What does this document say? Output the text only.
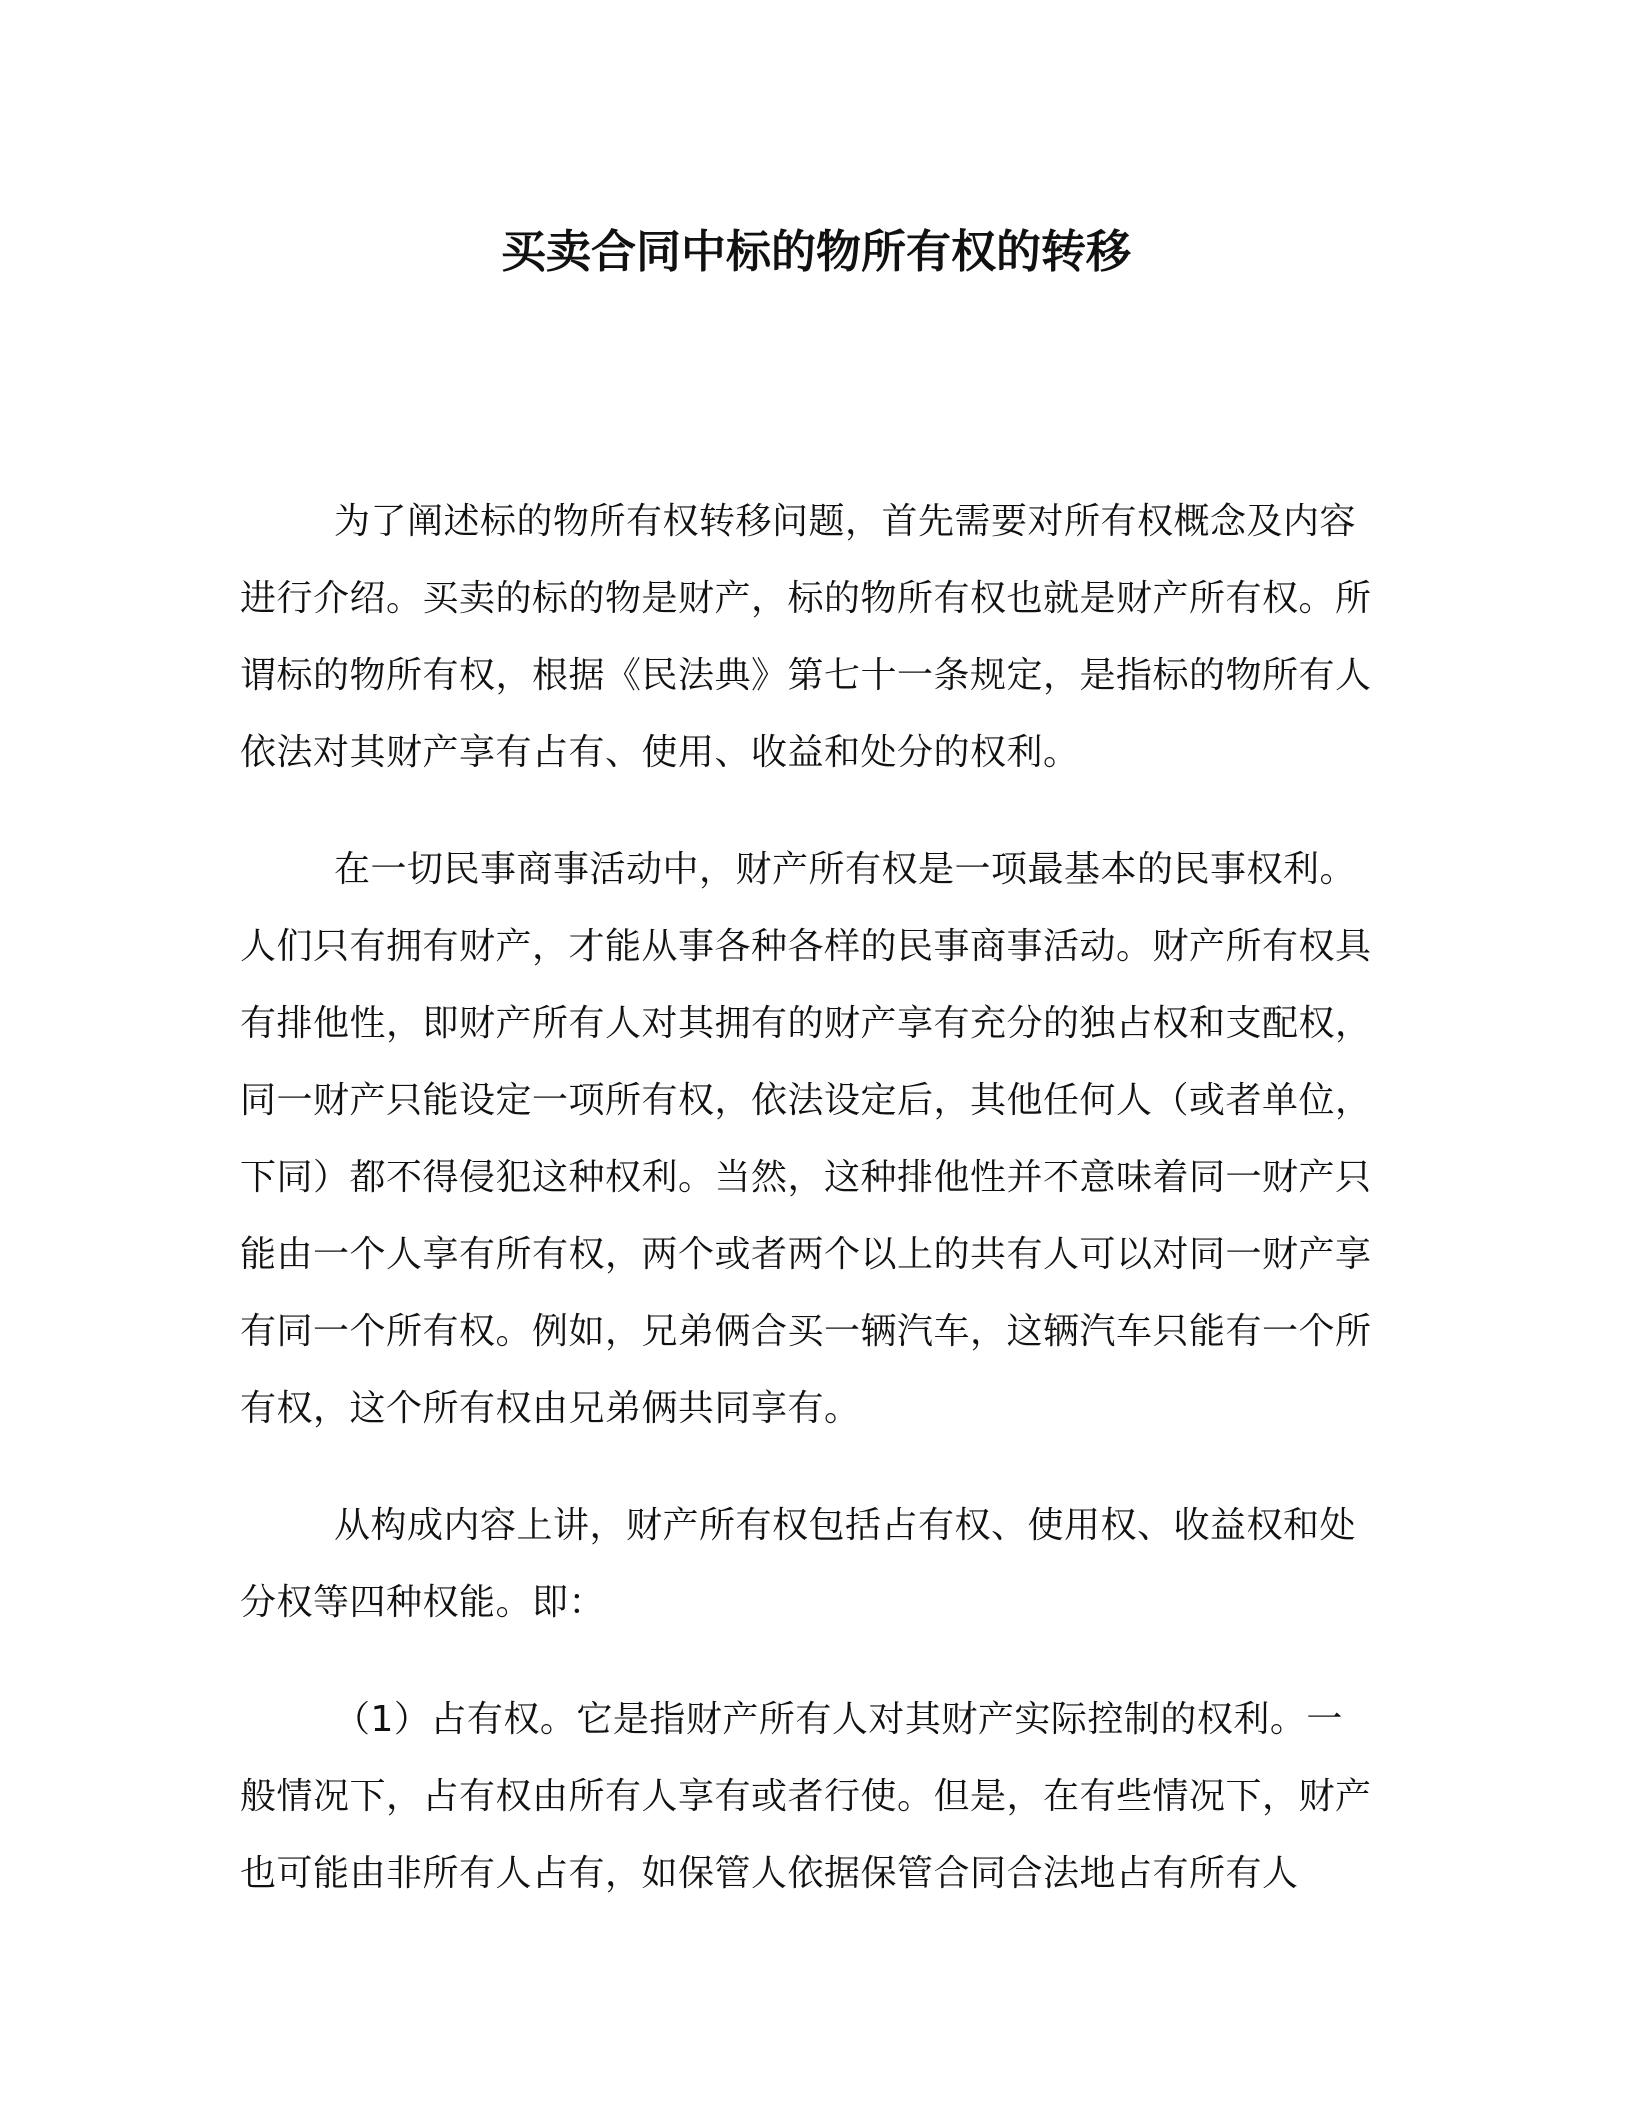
买卖合同中标的物所有权的转移

为了阐述标的物所有权转移问题，首先需要对所有权概念及内容进行介绍。买卖的标的物是财产，标的物所有权也就是财产所有权。所谓标的物所有权，根据《民法典》第七十一条规定，是指标的物所有人依法对其财产享有占有、使用、收益和处分的权利。

在一切民事商事活动中，财产所有权是一项最基本的民事权利。人们只有拥有财产，才能从事各种各样的民事商事活动。财产所有权具有排他性，即财产所有人对其拥有的财产享有充分的独占权和支配权，同一财产只能设定一项所有权，依法设定后，其他任何人（或者单位，下同）都不得侵犯这种权利。当然，这种排他性并不意味着同一财产只能由一个人享有所有权，两个或者两个以上的共有人可以对同一财产享有同一个所有权。例如，兄弟俩合买一辆汽车，这辆汽车只能有一个所有权，这个所有权由兄弟俩共同享有。

从构成内容上讲，财产所有权包括占有权、使用权、收益权和处分权等四种权能。即：

（1）占有权。它是指财产所有人对其财产实际控制的权利。一般情况下，占有权由所有人享有或者行使。但是，在有些情况下，财产也可能由非所有人占有，如保管人依据保管合同合法地占有所有人
